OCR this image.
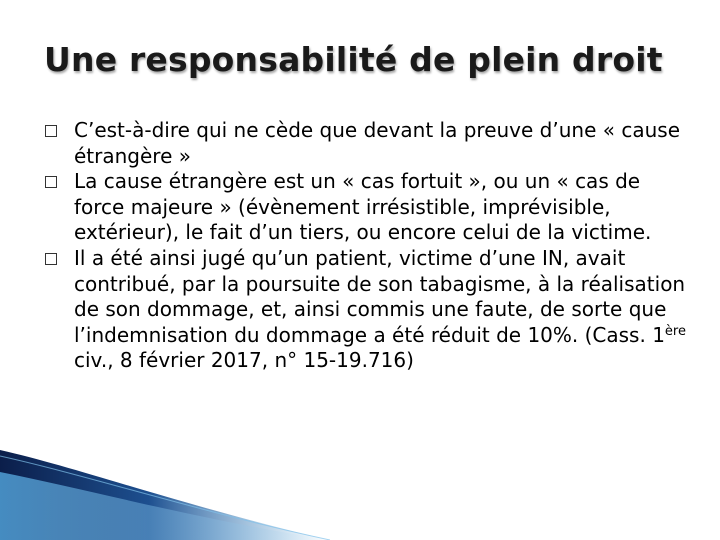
Une responsabilité de plein droit
C’est-à-dire qui ne cède que devant la preuve d’une « cause étrangère »
La cause étrangère est un « cas fortuit », ou un « cas de force majeure » (évènement irrésistible, imprévisible, extérieur), le fait d’un tiers, ou encore celui de la victime.
Il a été ainsi jugé qu’un patient, victime d’une IN, avait contribué, par la poursuite de son tabagisme, à la réalisation de son dommage, et, ainsi commis une faute, de sorte que l’indemnisation du dommage a été réduit de 10%. (Cass. 1ère civ., 8 février 2017, n° 15-19.716)
